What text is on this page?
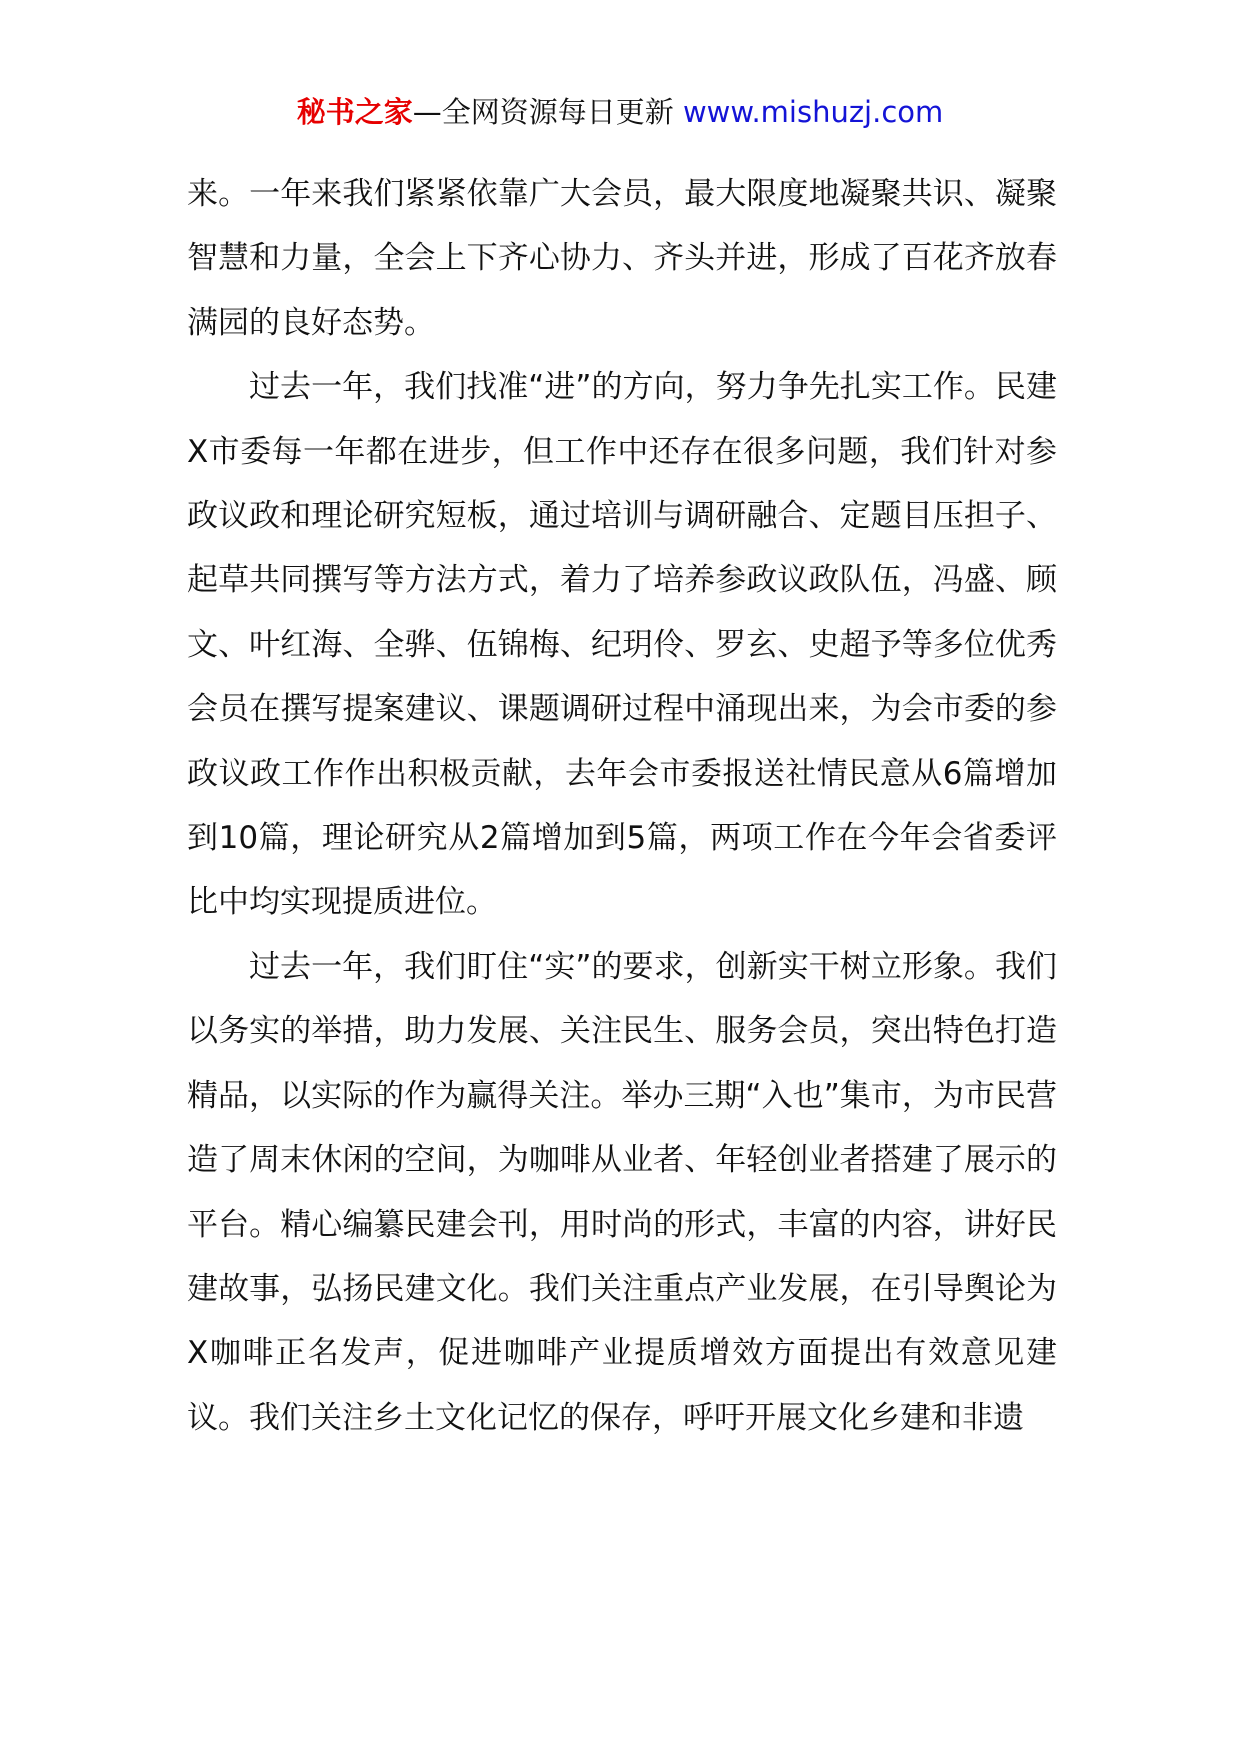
秘书之家—全网资源每日更新 www.mishuzj.com

来。一年来我们紧紧依靠广大会员，最大限度地凝聚共识、凝聚智慧和力量，全会上下齐心协力、齐头并进，形成了百花齐放春满园的良好态势。

过去一年，我们找准“进”的方向，努力争先扎实工作。民建X市委每一年都在进步，但工作中还存在很多问题，我们针对参政议政和理论研究短板，通过培训与调研融合、定题目压担子、起草共同撰写等方法方式，着力了培养参政议政队伍，冯盛、顾文、叶红海、全骅、伍锦梅、纪玥伶、罗玄、史超予等多位优秀会员在撰写提案建议、课题调研过程中涌现出来，为会市委的参政议政工作作出积极贡献，去年会市委报送社情民意从6篇增加到10篇，理论研究从2篇增加到5篇，两项工作在今年会省委评比中均实现提质进位。

过去一年，我们盯住“实”的要求，创新实干树立形象。我们以务实的举措，助力发展、关注民生、服务会员，突出特色打造精品，以实际的作为赢得关注。举办三期“入也”集市，为市民营造了周末休闲的空间，为咖啡从业者、年轻创业者搭建了展示的平台。精心编纂民建会刊，用时尚的形式，丰富的内容，讲好民建故事，弘扬民建文化。我们关注重点产业发展，在引导舆论为X咖啡正名发声，促进咖啡产业提质增效方面提出有效意见建议。我们关注乡土文化记忆的保存，呼吁开展文化乡建和非遗
